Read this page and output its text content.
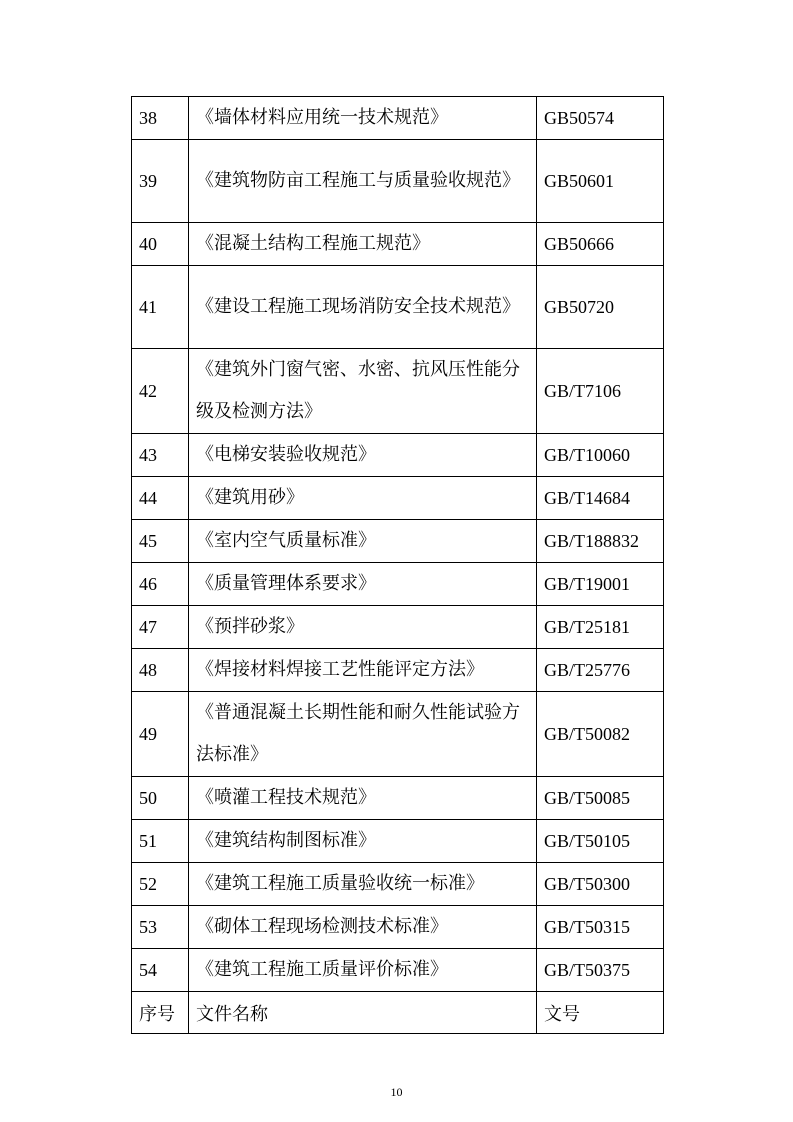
38	《墙体材料应用统一技术规范》	GB50574
39	《建筑物防亩工程施工与质量验收规范》	GB50601
40	《混凝土结构工程施工规范》	GB50666
41	《建设工程施工现场消防安全技术规范》	GB50720
42	《建筑外门窗气密、水密、抗风压性能分级及检测方法》	GB/T7106
43	《电梯安装验收规范》	GB/T10060
44	《建筑用砂》	GB/T14684
45	《室内空气质量标准》	GB/T188832
46	《质量管理体系要求》	GB/T19001
47	《预拌砂浆》	GB/T25181
48	《焊接材料焊接工艺性能评定方法》	GB/T25776
49	《普通混凝土长期性能和耐久性能试验方法标准》	GB/T50082
50	《喷灌工程技术规范》	GB/T50085
51	《建筑结构制图标准》	GB/T50105
52	《建筑工程施工质量验收统一标准》	GB/T50300
53	《砌体工程现场检测技术标准》	GB/T50315
54	《建筑工程施工质量评价标准》	GB/T50375
序号	文件名称	文号
10
